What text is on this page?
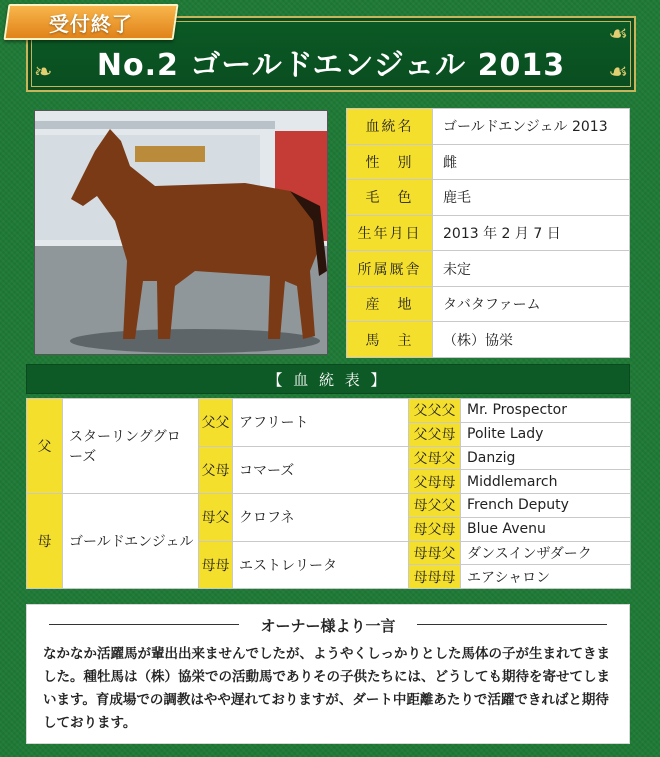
☙
❧	☙
No.2 ゴールドエンジェル 2013
受付終了
血統名	ゴールドエンジェル 2013
性　別	雌
毛　色	鹿毛
生年月日	2013 年 2 月 7 日
所属厩舎	未定
産　地	タバタファーム
馬　主	（株）協栄
【 血 統 表 】
父	スターリンググローズ	父父	アフリート	父父父	Mr. Prospector
				父父母	Polite Lady
		父母	コマーズ	父母父	Danzig
				父母母	Middlemarch
母	ゴールドエンジェル	母父	クロフネ	母父父	French Deputy
				母父母	Blue Avenu
		母母	エストレリータ	母母父	ダンスインザダーク
				母母母	エアシャロン
オーナー様より一言
なかなか活躍馬が輩出出来ませんでしたが、ようやくしっかりとした馬体の子が生まれてきました。種牡馬は（株）協栄での活動馬でありその子供たちには、どうしても期待を寄せてしまいます。育成場での調教はやや遅れておりますが、ダート中距離あたりで活躍できればと期待しております。
